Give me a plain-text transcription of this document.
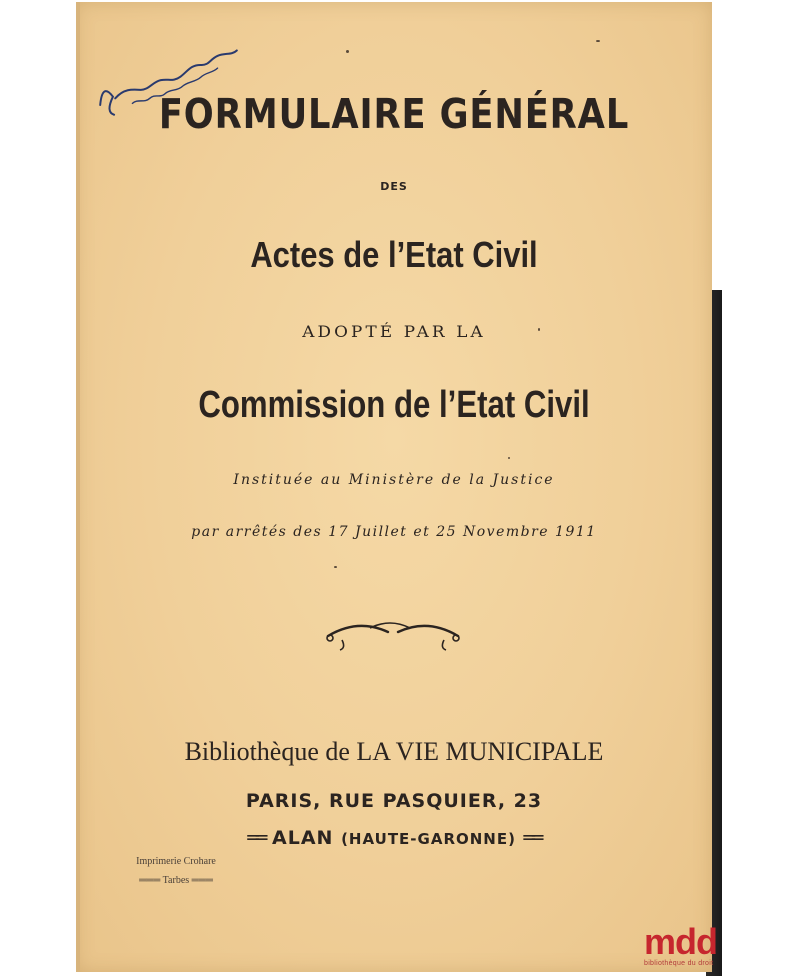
FORMULAIRE GÉNÉRAL
DES
Actes de l’Etat Civil
ADOPTÉ PAR LA
Commission de l’Etat Civil
Instituée au Ministère de la Justice
par arrêtés des 17 Juillet et 25 Novembre 1911
Bibliothèque de LA VIE MUNICIPALE
PARIS, RUE PASQUIER, 23
══ ALAN (HAUTE-GARONNE) ══
Imprimerie Crohare
═══ Tarbes ═══
mdd
bibliothèque du droit
